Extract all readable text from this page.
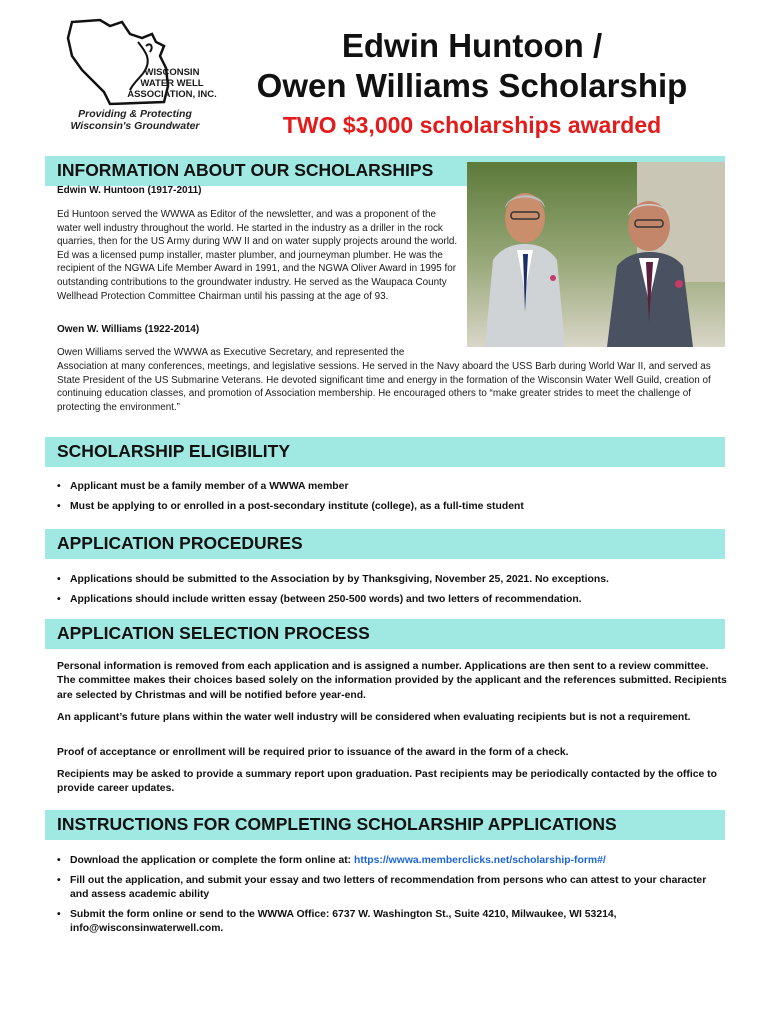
WISCONSIN
WATER WELL
ASSOCIATION, INC.
Providing & Protecting
Wisconsin's Groundwater
Edwin Huntoon /
Owen Williams Scholarship
TWO $3,000 scholarships awarded
INFORMATION ABOUT OUR SCHOLARSHIPS
Edwin W. Huntoon (1917-2011)
Ed Huntoon served the WWWA as Editor of the newsletter, and was a proponent of the water well industry throughout the world. He started in the industry as a driller in the rock quarries, then for the US Army during WW II and on water supply projects around the world. Ed was a licensed pump installer, master plumber, and journeyman plumber. He was the recipient of the NGWA Life Member Award in 1991, and the NGWA Oliver Award in 1995 for outstanding contributions to the groundwater industry. He served as the Waupaca County Wellhead Protection Committee Chairman until his passing at the age of 93.
Owen W. Williams (1922-2014)
Owen Williams served the WWWA as Executive Secretary, and represented the
Association at many conferences, meetings, and legislative sessions. He served in the Navy aboard the USS Barb during World War II, and served as State President of the US Submarine Veterans. He devoted significant time and energy in the formation of the Wisconsin Water Well Guild, creation of continuing education classes, and promotion of Association membership. He encouraged others to “make greater strides to meet the challenge of protecting the environment.”
SCHOLARSHIP ELIGIBILITY
• Applicant must be a family member of a WWWA member
• Must be applying to or enrolled in a post-secondary institute (college), as a full-time student
APPLICATION PROCEDURES
• Applications should be submitted to the Association by by Thanksgiving, November 25, 2021. No exceptions.
• Applications should include written essay (between 250-500 words) and two letters of recommendation.
APPLICATION SELECTION PROCESS

Personal information is removed from each application and is assigned a number. Applications are then sent to a review committee. The committee makes their choices based solely on the information provided by the applicant and the references submitted. Recipients are selected by Christmas and will be notified before year-end.

An applicant’s future plans within the water well industry will be considered when evaluating recipients but is not a requirement.

Proof of acceptance or enrollment will be required prior to issuance of the award in the form of a check.

Recipients may be asked to provide a summary report upon graduation. Past recipients may be periodically contacted by the office to provide career updates.

INSTRUCTIONS FOR COMPLETING SCHOLARSHIP APPLICATIONS
• Download the application or complete the form online at: https://wwwa.memberclicks.net/scholarship-form#/
• Fill out the application, and submit your essay and two letters of recommendation from persons who can attest to your character and assess academic ability
• Submit the form online or send to the WWWA Office: 6737 W. Washington St., Suite 4210, Milwaukee, WI 53214, info@wisconsinwaterwell.com.
